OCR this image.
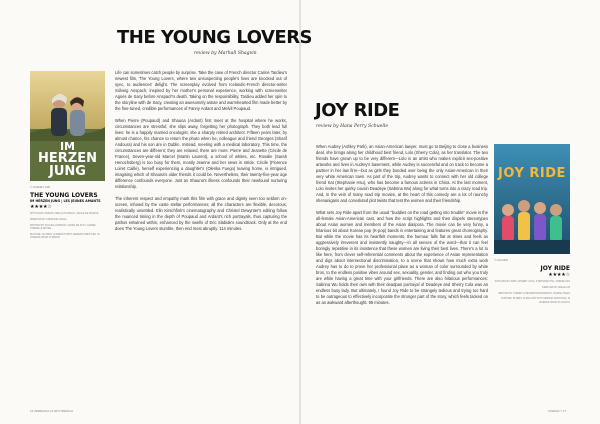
THE YOUNG LOVERS

review by Marhall Shagvin

IM
HERZEN
JUNG

© SCREEN: FAB

THE YOUNG LOVERS

IM HERZEN JUNG | LES JEUNES AMANTS

★★★★☆

WITH FANNY ARDANT, MELVIL POUPAUD, CÉCILE DE FRANCE

DIRECTED BY CAROLINE VIGNAL

WRITTEN BY SOLVEIG ANSPACH, AGNÈS DE SACY, CARINE TARDIEU & MICHEL...

RUNTIME: 114 MINS. IN FRENCH WITH GERMAN SUBTITLES. IN CINEMAS FROM 17 MARCH

Life can sometimes catch people by surprise. Take the case of French director Carine Tardieu's newest film, The Young Lovers, where two unsuspecting people's lives are knocked out of sync, to audiences' delight. The screenplay evolved from Icelandic-French director-writer Sólveig Anspach, inspired by her mother's personal experience, working with screenwriter Agnès de Sacy before Anspach's death. Taking on the responsibility, Tardieu added her spin to the storyline with de Sacy, creating an awesomely astute and warmhearted film made better by the fine-tuned, credible performances of Fanny Ardant and Melvil Poupaud.

When Pierre (Poupaud) and Shauna (Ardant) first meet at the hospital where he works, circumstances are stressful; she slips away, forgetting her photograph. They both lead full lives: he is a happily married oncologist, she a sharply retired architect. Fifteen years later, by almost chance, his chance to return the photo when he, colleague and friend Georges (Sharif Andoura) and his son are in Dublin. Instead, meeting with a medical laboratory. This time, the circumstances are different; they are relaxed, there are more. Pierre and Jeanette (Cécile de France), Seven-year-old Marcel (Martin Laurent), a school of whites, etc. Rosalie (Sarah Henochsberg) is too busy for them, mostly Jeanne and her news in stride. Cécile (Florence Loiret Caille), herself experiencing a daughter's (Olenka Fuego) leaving home, is intrigued, imagining which of Shauna's older friends it could be. Nevertheless, their twenty-five-year age difference confounds everyone. Just as Shauna's illness confounds their newfound nurturing relationship.

The inherent respect and empathy mark this film with grace and dignity seen too seldom on-screen, infused by the caste stellar performances; all the characters are flexible, decorous, realistically unsettled. Elin Kirschfink's cinematography and Christel Dewynter's editing follow the nuanced timing in the depth of Poupaud and Ardant's rich portrayals, thus capturing the pathos entwined within, enhanced by the swells of Eric Slabiak's soundtrack. Only at the end does The Young Lovers stumble, then end most abruptly. 114 minutes.

16 ZEBRASCH 6.MITT-BERICH
JOY RIDE

review by Hana Perry Schuelle

When Audrey (Ashley Park), an Asian-American lawyer, must go to Beijing to close a business deal, she brings along her childhood best friend, Lolo (Sherry Cola), as her translator. The two friends have grown up to be very different—Lolo is an artist who makes explicit sex-positive artworks and lives in Audrey's basement, while Audrey is successful and on track to become a partner in her law firm—but as girls they bonded over being the only Asian-American in their very white American town. As part of the trip, Audrey wants to connect with her old college friend Kat (Stephanie Hsu), who has become a famous actress in China. At the last moment, Lolo invites her quirky cousin Deadeye (Sabrina Wu) along for what turns into a crazy road trip. And, in the vein of many road trip movies, at the heart of this comedy are a lot of raunchy shenanigans and convoluted plot twists that test the women and their friendship.

What sets Joy Ride apart from the usual "buddies on the road getting into trouble" movie is the all-female Asian-American cast, and how the script highlights and then dispels stereotypes about Asian women and members of the Asian diaspora. The movie can be very funny, a hilarious bit about Korean pop (K-pop) bands is entertaining and features great choreography. But while the movie has its heartfelt moments, the humour falls flat at times and feels as aggressively irreverent and insistently naughty—in all senses of the word—that it can feel boringly repetitive in its insistence that these women are living their best lives. There's a lot to like here, from clever self-referential comments about the experience of Asian representation and digs about intersectional discrimination, to a scene that shows how much extra work Audrey has to do to prove her professional place as a woman of color surrounded by white bros, to the endless positive vibes around sex, sexuality, gender, and finding out who you truly are while having a great time with your girlfriends. There are also hilarious performances: Sabrina Wu holds their own with their deadpan portrayal of Deadeye and Sherry Cola was an endless busy lady. But ultimately, I found Joy Ride to be strangely tedious and trying too hard to be outrageous to effectively incorporate the stronger part of the story, which feels tacked on as an awkward afterthought. 95 minutes.

JOY RIDE

© LEONINE

JOY RIDE

★★★★☆

WITH ASHLEY PARK, SHERRY COLA, STEPHANIE HSU, SABRINA WU

DIRECTED BY ADELE LIM

WRITTEN BY CHERRY CHEVAPRAVATDUMRONG, TERESA HSIAO

RUNTIME: 95 MINS. IN ENGLISH WITH GERMAN SUBTITLES. IN CINEMAS FROM 10 AUGUST

CINEMA 7 17
